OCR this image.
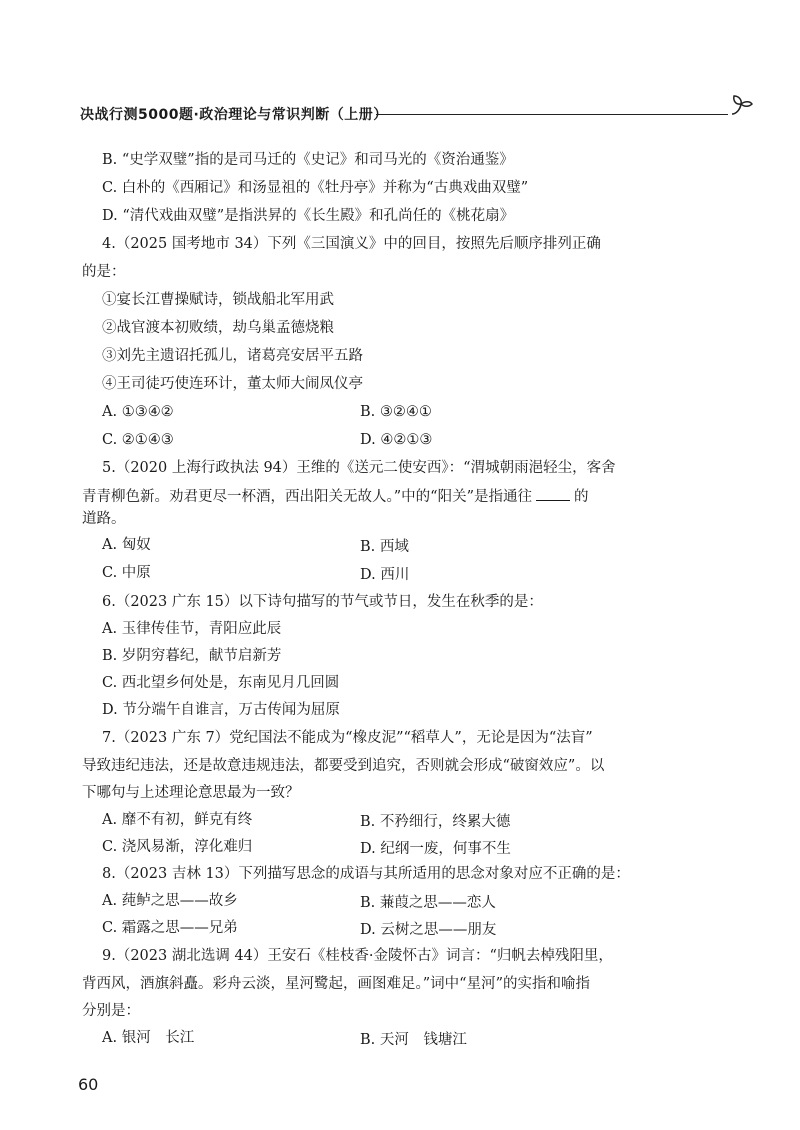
决战行测5000题·政治理论与常识判断（上册）
B. “史学双璧”指的是司马迁的《史记》和司马光的《资治通鉴》
C. 白朴的《西厢记》和汤显祖的《牡丹亭》并称为“古典戏曲双璧”
D. “清代戏曲双璧”是指洪昇的《长生殿》和孔尚任的《桃花扇》
4.（2025 国考地市 34）下列《三国演义》中的回目，按照先后顺序排列正确
的是：
①宴长江曹操赋诗，锁战船北军用武
②战官渡本初败绩，劫乌巢孟德烧粮
③刘先主遗诏托孤儿，诸葛亮安居平五路
④王司徒巧使连环计，董太师大闹凤仪亭
A. ①③④②	B. ③②④①
C. ②①④③	D. ④②①③
5.（2020 上海行政执法 94）王维的《送元二使安西》：“渭城朝雨浥轻尘，客舍
青青柳色新。劝君更尽一杯酒，西出阳关无故人。”中的“阳关”是指通往	的
道路。
A. 匈奴	B. 西域
C. 中原	D. 西川
6.（2023 广东 15）以下诗句描写的节气或节日，发生在秋季的是：
A. 玉律传佳节，青阳应此辰
B. 岁阴穷暮纪，献节启新芳
C. 西北望乡何处是，东南见月几回圆
D. 节分端午自谁言，万古传闻为屈原
7.（2023 广东 7）党纪国法不能成为“橡皮泥”“稻草人”，无论是因为“法盲”
导致违纪违法，还是故意违规违法，都要受到追究，否则就会形成“破窗效应”。以
下哪句与上述理论意思最为一致？
A. 靡不有初，鲜克有终	B. 不矜细行，终累大德
C. 浇风易渐，淳化难归	D. 纪纲一废，何事不生
8.（2023 吉林 13）下列描写思念的成语与其所适用的思念对象对应不正确的是：
A. 莼鲈之思——故乡	B. 蒹葭之思——恋人
C. 霜露之思——兄弟	D. 云树之思——朋友
9.（2023 湖北选调 44）王安石《桂枝香·金陵怀古》词言：“归帆去棹残阳里，
背西风，酒旗斜矗。彩舟云淡，星河鹭起，画图难足。”词中“星河”的实指和喻指
分别是：
A. 银河　长江	B. 天河　钱塘江
60
